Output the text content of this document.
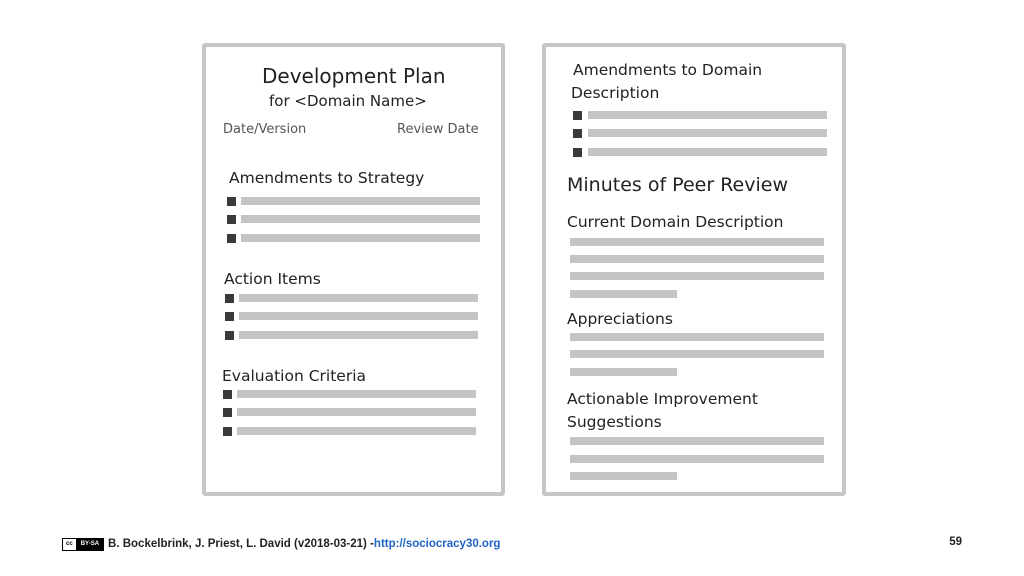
Development Plan
for <Domain Name>
Date/Version	Review Date
Amendments to Strategy
Action Items
Evaluation Criteria
Amendments to Domain
Description
Minutes of Peer Review
Current Domain Description
Appreciations
Actionable Improvement
Suggestions
cc	BY-SA B. Bockelbrink, J. Priest, L. David (v2018-03-21) - http://sociocracy30.org	59
